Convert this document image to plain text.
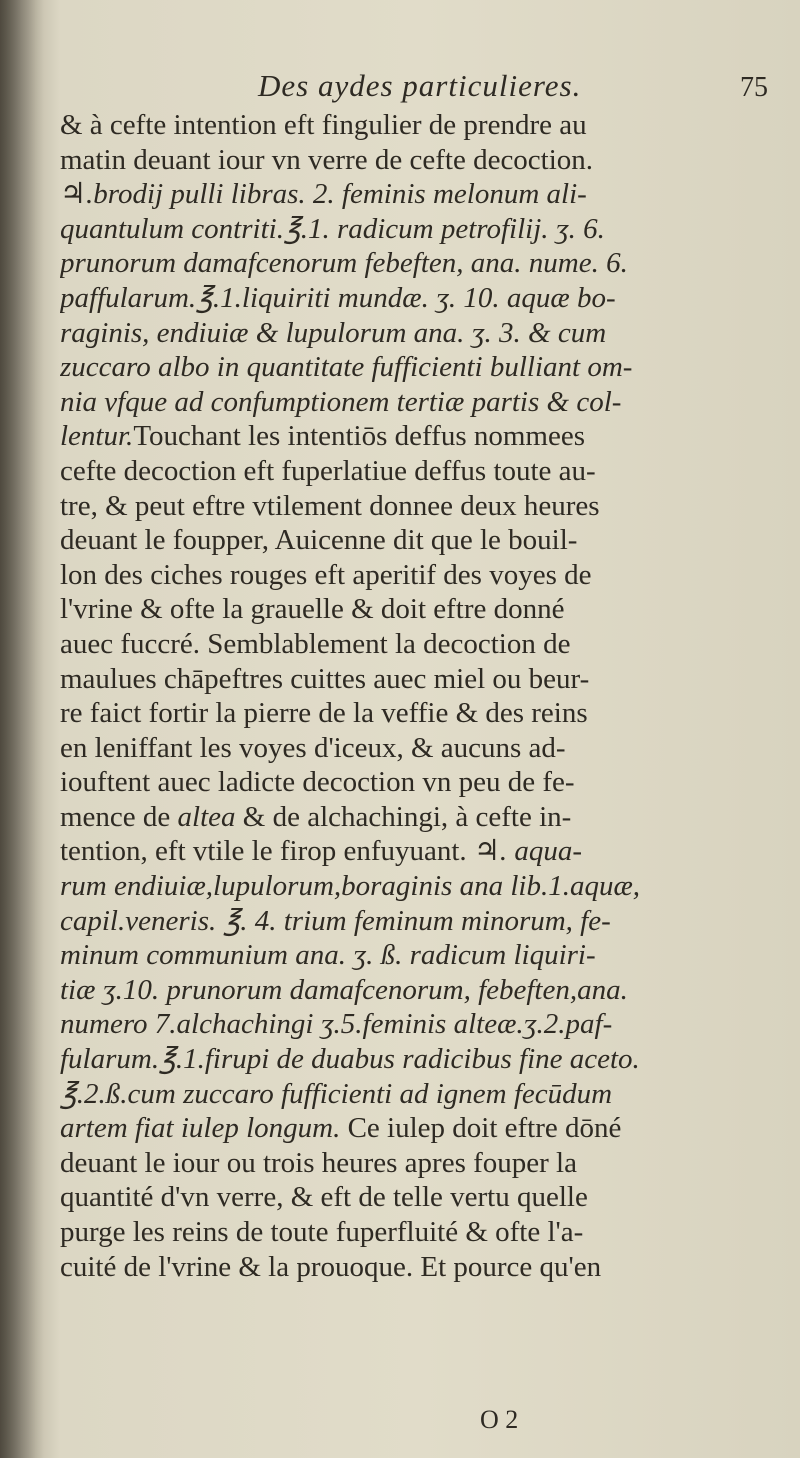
Des aydes particulieres.	75
& à cefte intention eft fingulier de prendre au
matin deuant iour vn verre de cefte decoction.
♃.brodij pulli libras. 2. feminis melonum ali-
quantulum contriti.℥.1. radicum petrofilij. ʒ. 6.
prunorum damafcenorum febeften, ana. nume. 6.
paffularum.℥.1.liquiriti mundæ. ʒ. 10. aquæ bo-
raginis, endiuiæ & lupulorum ana. ʒ. 3. & cum
zuccaro albo in quantitate fufficienti bulliant om-
nia vfque ad confumptionem tertiæ partis & col-
lentur.Touchant les intentiōs deffus nommees
cefte decoction eft fuperlatiue deffus toute au-
tre, & peut eftre vtilement donnee deux heures
deuant le foupper, Auicenne dit que le bouil-
lon des ciches rouges eft aperitif des voyes de
l'vrine & ofte la grauelle & doit eftre donné
auec fuccré. Semblablement la decoction de
maulues chāpeftres cuittes auec miel ou beur-
re faict fortir la pierre de la veffie & des reins
en leniffant les voyes d'iceux, & aucuns ad-
iouftent auec ladicte decoction vn peu de fe-
mence de altea & de alchachingi, à cefte in-
tention, eft vtile le firop enfuyuant. ♃. aqua-
rum endiuiæ,lupulorum,boraginis ana lib.1.aquæ,
capil.veneris. ℥. 4. trium feminum minorum, fe-
minum communium ana. ʒ. ß. radicum liquiri-
tiæ ʒ.10. prunorum damafcenorum, febeften,ana.
numero 7.alchachingi ʒ.5.feminis alteæ.ʒ.2.paf-
fularum.℥.1.firupi de duabus radicibus fine aceto.
℥.2.ß.cum zuccaro fufficienti ad ignem fecūdum
artem fiat iulep longum. Ce iulep doit eftre dōné
deuant le iour ou trois heures apres fouper la
quantité d'vn verre, & eft de telle vertu quelle
purge les reins de toute fuperfluité & ofte l'a-
cuité de l'vrine & la prouoque. Et pource qu'en
O 2
